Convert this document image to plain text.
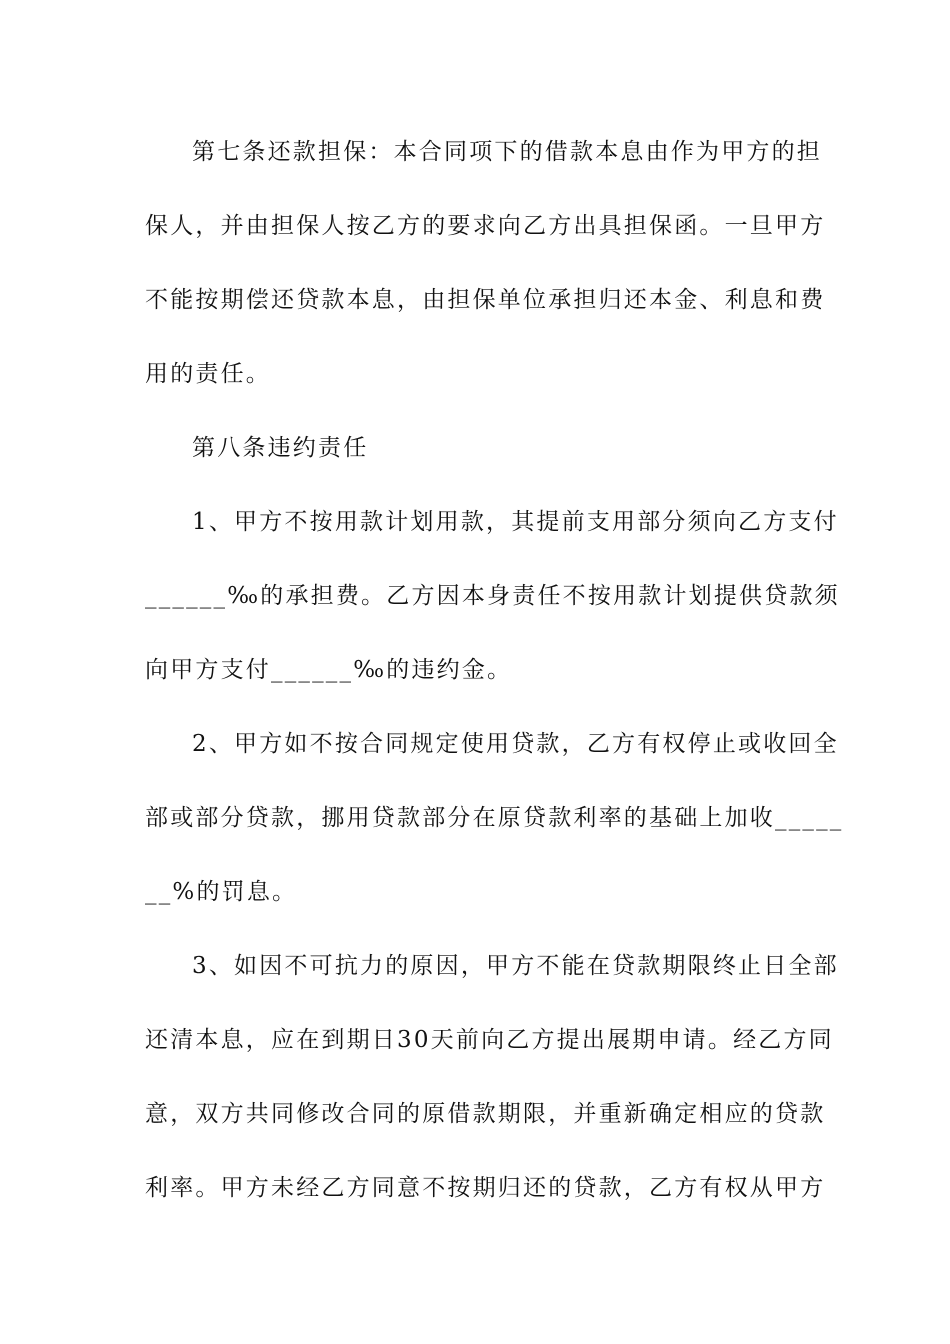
第七条还款担保：本合同项下的借款本息由作为甲方的担
保人，并由担保人按乙方的要求向乙方出具担保函。一旦甲方
不能按期偿还贷款本息，由担保单位承担归还本金、利息和费
用的责任。
第八条违约责任
1、甲方不按用款计划用款，其提前支用部分须向乙方支付
______‰的承担费。乙方因本身责任不按用款计划提供贷款须
向甲方支付______‰的违约金。
2、甲方如不按合同规定使用贷款，乙方有权停止或收回全
部或部分贷款，挪用贷款部分在原贷款利率的基础上加收_____
__%的罚息。
3、如因不可抗力的原因，甲方不能在贷款期限终止日全部
还清本息，应在到期日30天前向乙方提出展期申请。经乙方同
意，双方共同修改合同的原借款期限，并重新确定相应的贷款
利率。甲方未经乙方同意不按期归还的贷款，乙方有权从甲方
